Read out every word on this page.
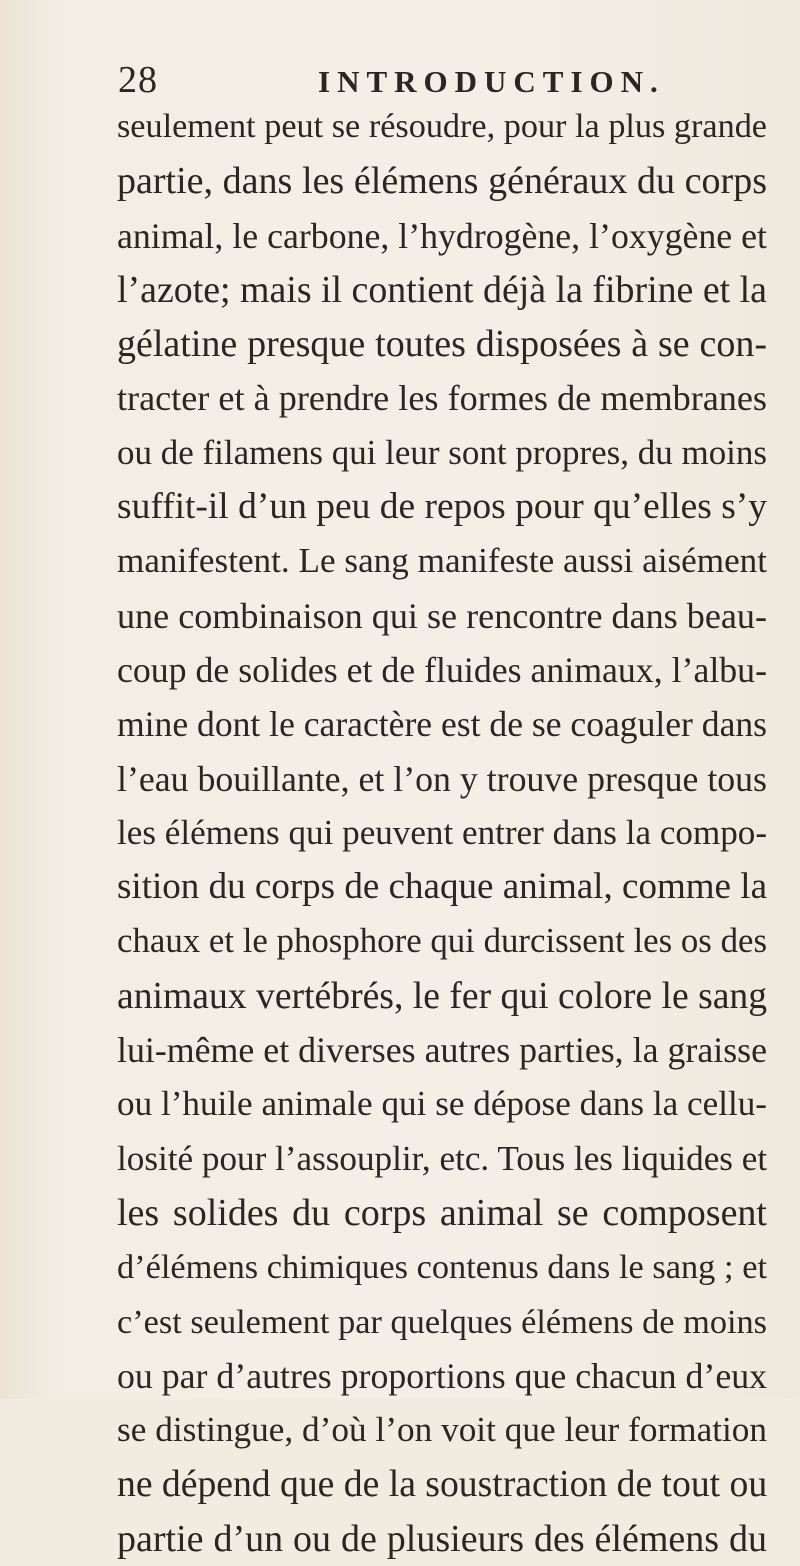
28	INTRODUCTION.
seulement peut se résoudre, pour la plus grande
partie, dans les élémens généraux du corps
animal, le carbone, l’hydrogène, l’oxygène et
l’azote; mais il contient déjà la fibrine et la
gélatine presque toutes disposées à se con-
tracter et à prendre les formes de membranes
ou de filamens qui leur sont propres, du moins
suffit-il d’un peu de repos pour qu’elles s’y
manifestent. Le sang manifeste aussi aisément
une combinaison qui se rencontre dans beau-
coup de solides et de fluides animaux, l’albu-
mine dont le caractère est de se coaguler dans
l’eau bouillante, et l’on y trouve presque tous
les élémens qui peuvent entrer dans la compo-
sition du corps de chaque animal, comme la
chaux et le phosphore qui durcissent les os des
animaux vertébrés, le fer qui colore le sang
lui-même et diverses autres parties, la graisse
ou l’huile animale qui se dépose dans la cellu-
losité pour l’assouplir, etc. Tous les liquides et
les solides du corps animal se composent
d’élémens chimiques contenus dans le sang ; et
c’est seulement par quelques élémens de moins
ou par d’autres proportions que chacun d’eux
se distingue, d’où l’on voit que leur formation
ne dépend que de la soustraction de tout ou
partie d’un ou de plusieurs des élémens du
